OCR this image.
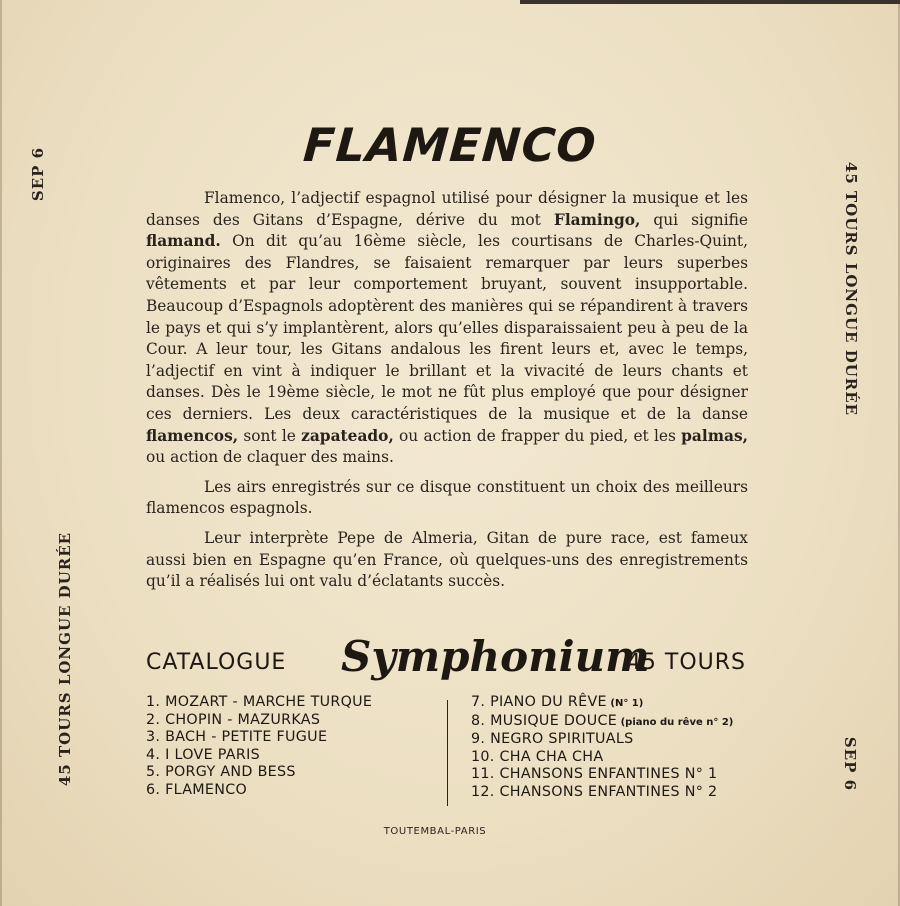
SEP 6
45 TOURS LONGUE DURÉE
45 TOURS LONGUE DURÉE
SEP 6
FLAMENCO

Flamenco, l’adjectif espagnol utilisé pour désigner la musique et les danses des Gitans d’Espagne, dérive du mot Flamingo, qui signifie flamand. On dit qu’au 16ème siècle, les courtisans de Charles-Quint, originaires des Flandres, se faisaient remarquer par leurs superbes vêtements et par leur comportement bruyant, souvent insupportable. Beaucoup d’Espagnols adoptèrent des manières qui se répandirent à travers le pays et qui s’y implantèrent, alors qu’elles disparaissaient peu à peu de la Cour. A leur tour, les Gitans andalous les firent leurs et, avec le temps, l’adjectif en vint à indiquer le brillant et la vivacité de leurs chants et danses. Dès le 19ème siècle, le mot ne fût plus employé que pour désigner ces derniers. Les deux caractéristiques de la musique et de la danse flamencos, sont le zapateado, ou action de frapper du pied, et les palmas, ou action de claquer des mains.

Les airs enregistrés sur ce disque constituent un choix des meilleurs flamencos espagnols.

Leur interprète Pepe de Almeria, Gitan de pure race, est fameux aussi bien en Espagne qu’en France, où quelques-uns des enregistrements qu’il a réalisés lui ont valu d’éclatants succès.

CATALOGUE Symphonium
45 TOURS
1. MOZART - MARCHE TURQUE
2. CHOPIN - MAZURKAS
3. BACH - PETITE FUGUE
4. I LOVE PARIS
5. PORGY AND BESS
6. FLAMENCO
7. PIANO DU RÊVE (N° 1)
8. MUSIQUE DOUCE (piano du rêve n° 2)
9. NEGRO SPIRITUALS
10. CHA CHA CHA
11. CHANSONS ENFANTINES N° 1
12. CHANSONS ENFANTINES N° 2
TOUTEMBAL-PARIS
